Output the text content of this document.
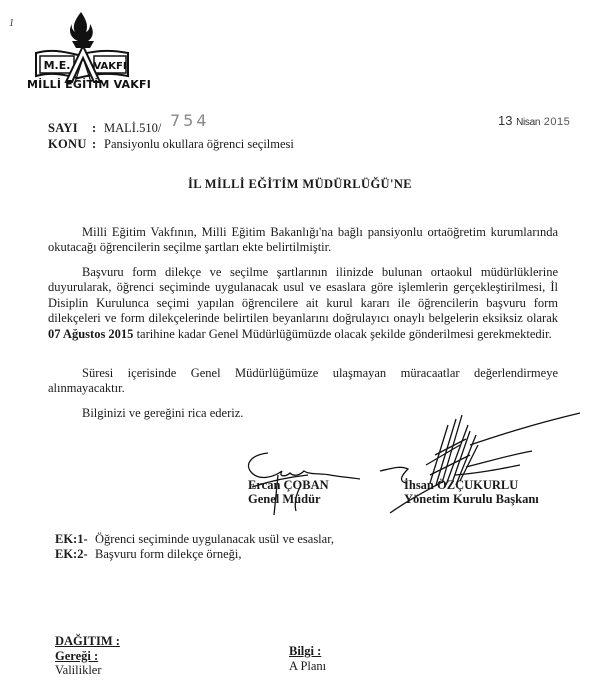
1
M.E. VAKFI
MİLLİ EĞİTİM VAKFI
SAYI : MALİ.510/ 754
KONU : Pansiyonlu okullara öğrenci seçilmesi
13 Nisan 2015
İL MİLLİ EĞİTİM MÜDÜRLÜĞÜ'NE
Milli Eğitim Vakfının, Milli Eğitim Bakanlığı'na bağlı pansiyonlu ortaöğretim kurumlarında okutacağı öğrencilerin seçilme şartları ekte belirtilmiştir.
Başvuru form dilekçe ve seçilme şartlarının ilinizde bulunan ortaokul müdürlüklerine duyurularak, öğrenci seçiminde uygulanacak usul ve esaslara göre işlemlerin gerçekleştirilmesi, İl Disiplin Kurulunca seçimi yapılan öğrencilere ait kurul kararı ile öğrencilerin başvuru form dilekçeleri ve form dilekçelerinde belirtilen beyanlarını doğrulayıcı onaylı belgelerin eksiksiz olarak 07 Ağustos 2015 tarihine kadar Genel Müdürlüğümüzde olacak şekilde gönderilmesi gerekmektedir.
Süresi içerisinde Genel Müdürlüğümüze ulaşmayan müracaatlar değerlendirmeye alınmayacaktır.
Bilginizi ve gereğini rica ederiz.
Ercan ÇOBAN
Genel Müdür
İhsan ÖZÇUKURLU
Yönetim Kurulu Başkanı
EK:1- Öğrenci seçiminde uygulanacak usül ve esaslar,
EK:2- Başvuru form dilekçe örneği,
DAĞITIM :
Gereği :
Valilikler
Bilgi :
A Planı
